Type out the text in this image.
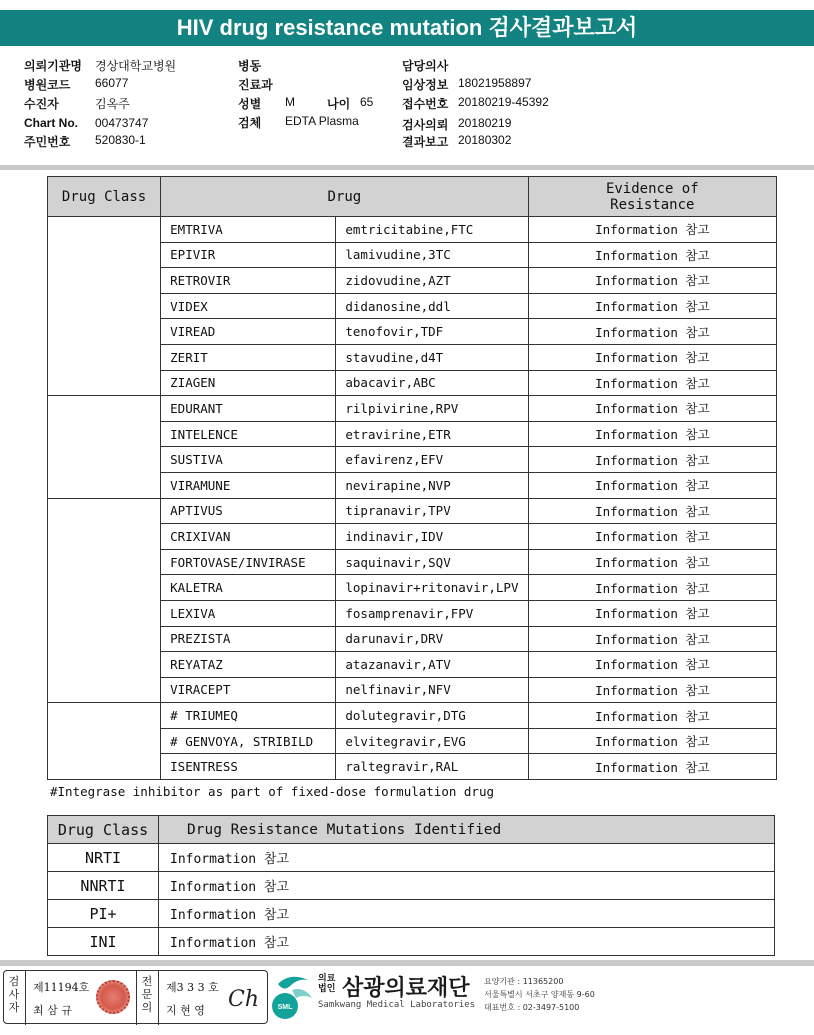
HIV drug resistance mutation 검사결과보고서
의뢰기관명 경상대학교병원
병원코드 66077
수진자	김옥주
Chart No. 00473747
주민번호 520830-1
병동
진료과
성별 M	나이 65
검체 EDTA Plasma
담당의사
임상정보 18021958897
접수번호 20180219-45392
검사의뢰 20180219
결과보고 20180302
Drug Class	Drug		Evidence of
Resistance
	EMTRIVA	emtricitabine,FTC	Information 참고
	EPIVIR	lamivudine,3TC	Information 참고
	RETROVIR	zidovudine,AZT	Information 참고
	VIDEX	didanosine,ddl	Information 참고
	VIREAD	tenofovir,TDF	Information 참고
	ZERIT	stavudine,d4T	Information 참고
	ZIAGEN	abacavir,ABC	Information 참고
	EDURANT	rilpivirine,RPV	Information 참고
	INTELENCE	etravirine,ETR	Information 참고
	SUSTIVA	efavirenz,EFV	Information 참고
	VIRAMUNE	nevirapine,NVP	Information 참고
	APTIVUS	tipranavir,TPV	Information 참고
	CRIXIVAN	indinavir,IDV	Information 참고
	FORTOVASE/INVIRASE	saquinavir,SQV	Information 참고
	KALETRA	lopinavir+ritonavir,LPV	Information 참고
	LEXIVA	fosamprenavir,FPV	Information 참고
	PREZISTA	darunavir,DRV	Information 참고
	REYATAZ	atazanavir,ATV	Information 참고
	VIRACEPT	nelfinavir,NFV	Information 참고
	# TRIUMEQ	dolutegravir,DTG	Information 참고
	# GENVOYA, STRIBILD	elvitegravir,EVG	Information 참고
	ISENTRESS	raltegravir,RAL	Information 참고
#Integrase inhibitor as part of fixed-dose formulation drug
Drug Class	Drug Resistance Mutations Identified
NRTI	Information 참고
NNRTI	Information 참고
PI+	Information 참고
INI	Information 참고
검사자
제11194호
최 삼 규
전문의
제3 3 3 호
지 현 영 Ch	SML
의료법인 삼광의료재단
Samkwang Medical Laboratories
요양기관 : 11365200
서울특별시 서초구 양재동 9-60
대표번호 : 02-3497-5100
